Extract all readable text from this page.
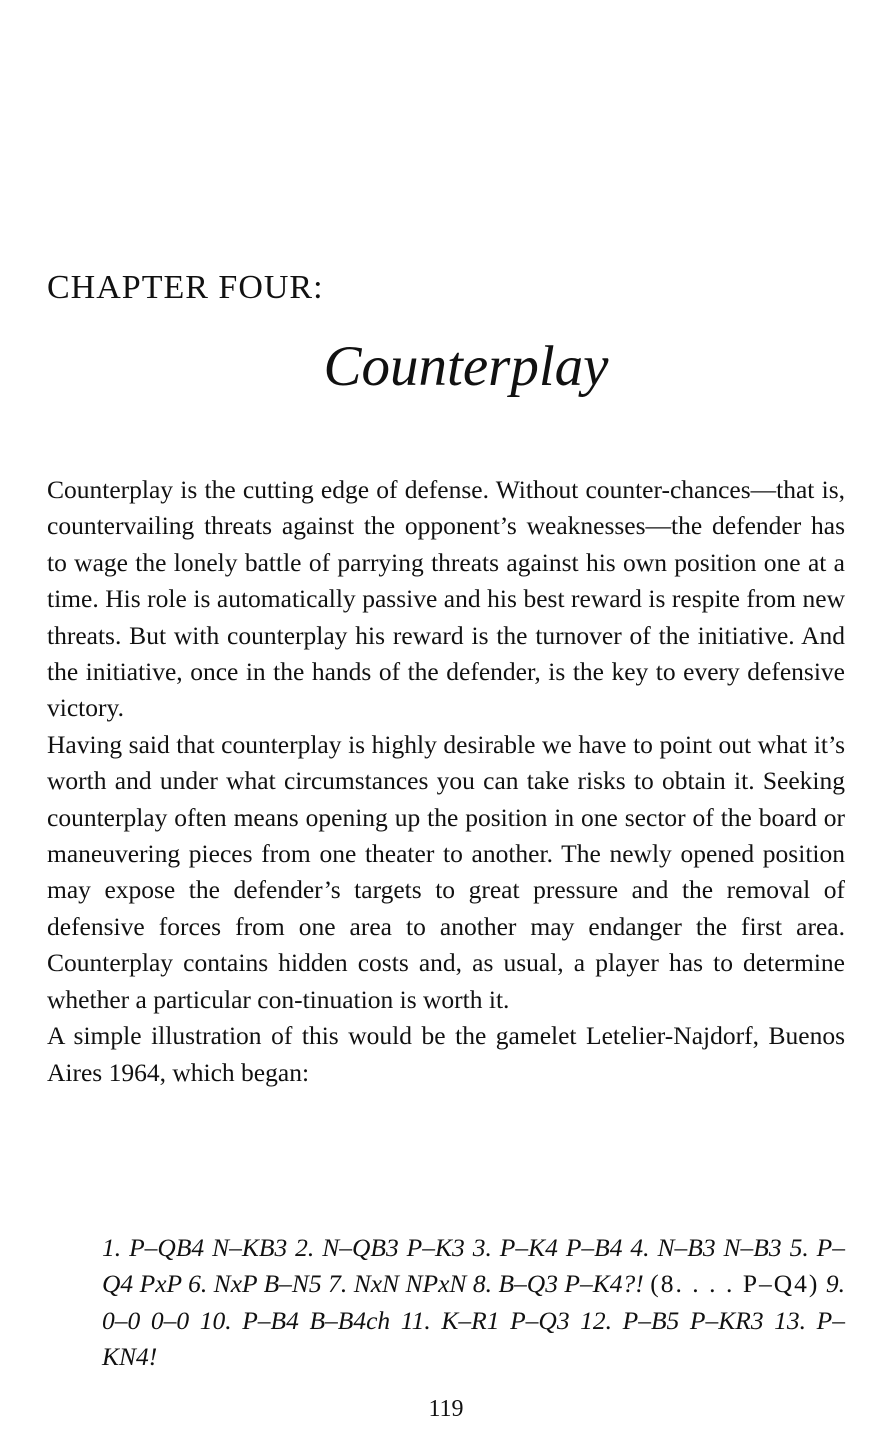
CHAPTER FOUR:
Counterplay

Counterplay is the cutting edge of defense. Without counter-chances—that is, countervailing threats against the opponent’s weaknesses—the defender has to wage the lonely battle of parrying threats against his own position one at a time. His role is automatically passive and his best reward is respite from new threats. But with counterplay his reward is the turnover of the initiative. And the initiative, once in the hands of the defender, is the key to every defensive victory.

Having said that counterplay is highly desirable we have to point out what it’s worth and under what circumstances you can take risks to obtain it. Seeking counterplay often means opening up the position in one sector of the board or maneuvering pieces from one theater to another. The newly opened position may expose the defender’s targets to great pressure and the removal of defensive forces from one area to another may endanger the first area. Counterplay contains hidden costs and, as usual, a player has to determine whether a particular con-tinuation is worth it.

A simple illustration of this would be the gamelet Letelier-Najdorf, Buenos Aires 1964, which began:

1. P–QB4 N–KB3 2. N–QB3 P–K3 3. P–K4 P–B4 4. N–B3 N–B3 5. P–Q4 PxP 6. NxP B–N5 7. NxN NPxN 8. B–Q3 P–K4?! (8. . . . P–Q4) 9. 0–0 0–0 10. P–B4 B–B4ch 11. K–R1 P–Q3 12. P–B5 P–KR3 13. P–KN4!

119
